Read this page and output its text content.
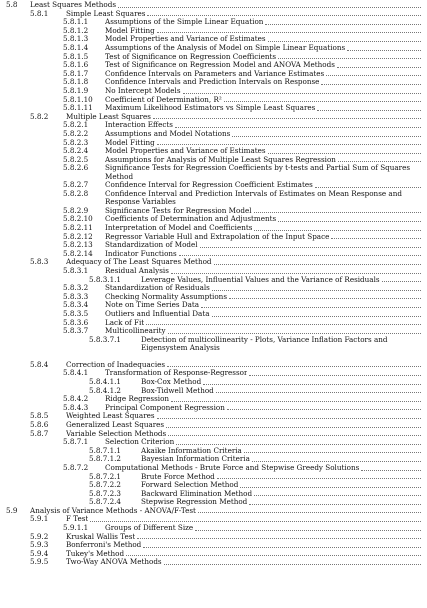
5.8	Least Squares Methods
5.8.1	Simple Least Squares
5.8.1.1	Assumptions of the Simple Linear Equation
5.8.1.2	Model Fitting
5.8.1.3	Model Properties and Variance of Estimates
5.8.1.4	Assumptions of the Analysis of Model on Simple Linear Equations
5.8.1.5	Test of Significance on Regression Coefficients
5.8.1.6	Test of Significance on Regression Model and ANOVA Methods
5.8.1.7	Confidence Intervals on Parameters and Variance Estimates
5.8.1.8	Confidence Intervals and Prediction Intervals on Response
5.8.1.9	No Intercept Models
5.8.1.10	Coefficient of Determination, R²
5.8.1.11	Maximum Likelihood Estimators vs Simple Least Squares
5.8.2	Multiple Least Squares
5.8.2.1	Interaction Effects
5.8.2.2	Assumptions and Model Notations
5.8.2.3	Model Fitting
5.8.2.4	Model Properties and Variance of Estimates
5.8.2.5	Assumptions for Analysis of Multiple Least Squares Regression
5.8.2.6	Significance Tests for Regression Coefficients by t-tests and Partial Sum of Squares Method
5.8.2.7	Confidence Interval for Regression Coefficient Estimates
5.8.2.8	Confidence Interval and Prediction Intervals of Estimates on Mean Response and Response Variables
5.8.2.9	Significance Tests for Regression Model
5.8.2.10	Coefficients of Determination and Adjustments
5.8.2.11	Interpretation of Model and Coefficients
5.8.2.12	Regressor Variable Hull and Extrapolation of the Input Space
5.8.2.13	Standardization of Model
5.8.2.14	Indicator Functions
5.8.3	Adequacy of The Least Squares Method
5.8.3.1	Residual Analysis
5.8.3.1.1	Leverage Values, Influential Values and the Variance of Residuals
5.8.3.2	Standardization of Residuals
5.8.3.3	Checking Normality Assumptions
5.8.3.4	Note on Time Series Data
5.8.3.5	Outliers and Influential Data
5.8.3.6	Lack of Fit
5.8.3.7	Multicollinearity
5.8.3.7.1	Detection of multicollinearity - Plots, Variance Inflation Factors and Eigensystem Analysis
5.8.4	Correction of Inadequacies
5.8.4.1	Transformation of Response-Regressor
5.8.4.1.1	Box-Cox Method
5.8.4.1.2	Box-Tidwell Method
5.8.4.2	Ridge Regression
5.8.4.3	Principal Component Regression
5.8.5	Weighted Least Squares
5.8.6	Generalized Least Squares
5.8.7	Variable Selection Methods
5.8.7.1	Selection Criterion
5.8.7.1.1	Akaike Information Criteria
5.8.7.1.2	Bayesian Information Criteria
5.8.7.2	Computational Methods - Brute Force and Stepwise Greedy Solutions
5.8.7.2.1	Brute Force Method
5.8.7.2.2	Forward Selection Method
5.8.7.2.3	Backward Elimination Method
5.8.7.2.4	Stepwise Regression Method
5.9	Analysis of Variance Methods - ANOVA/F-Test
5.9.1	F Test
5.9.1.1	Groups of Different Size
5.9.2	Kruskal Wallis Test
5.9.3	Bonferroni's Method
5.9.4	Tukey's Method
5.9.5	Two-Way ANOVA Methods
